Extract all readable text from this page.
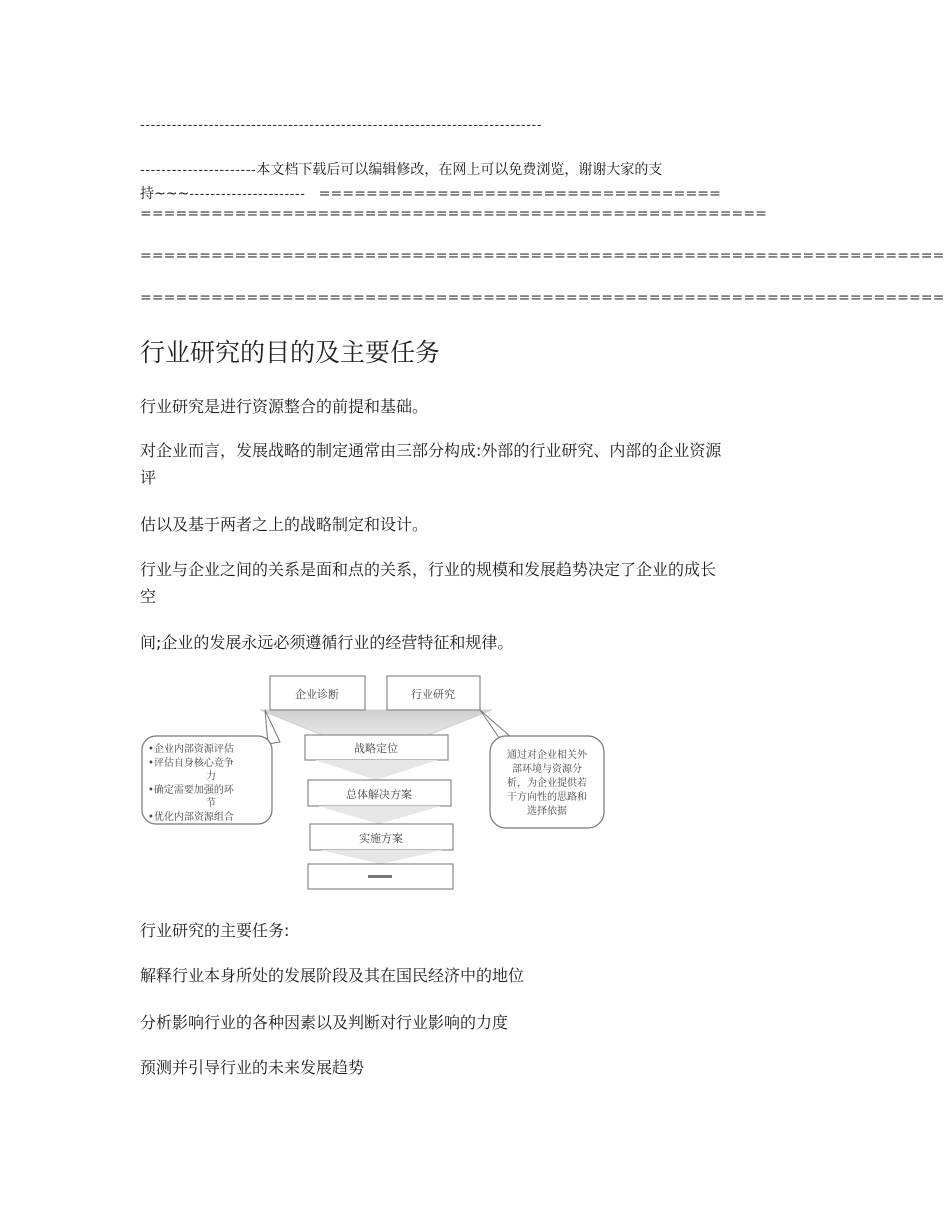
----------------------------------------------------------------------------
----------------------本文档下载后可以编辑修改，在网上可以免费浏览，谢谢大家的支
持~~~---------------------- ==================================
=====================================================
====================================================================
====================================================================
行业研究的目的及主要任务
行业研究是进行资源整合的前提和基础。
对企业而言，发展战略的制定通常由三部分构成:外部的行业研究、内部的企业资源
评
估以及基于两者之上的战略制定和设计。
行业与企业之间的关系是面和点的关系，行业的规模和发展趋势决定了企业的成长
空
间;企业的发展永远必须遵循行业的经营特征和规律。
企业诊断	行业研究
战略定位
总体解决方案
实施方案
•企业内部资源评估
•评估自身核心竞争
力
•确定需要加强的环
节
•优化内部资源组合
通过对企业相关外
部环境与资源分
析，为企业提供若
干方向性的思路和
选择依据
行业研究的主要任务:
解释行业本身所处的发展阶段及其在国民经济中的地位
分析影响行业的各种因素以及判断对行业影响的力度
预测并引导行业的未来发展趋势
